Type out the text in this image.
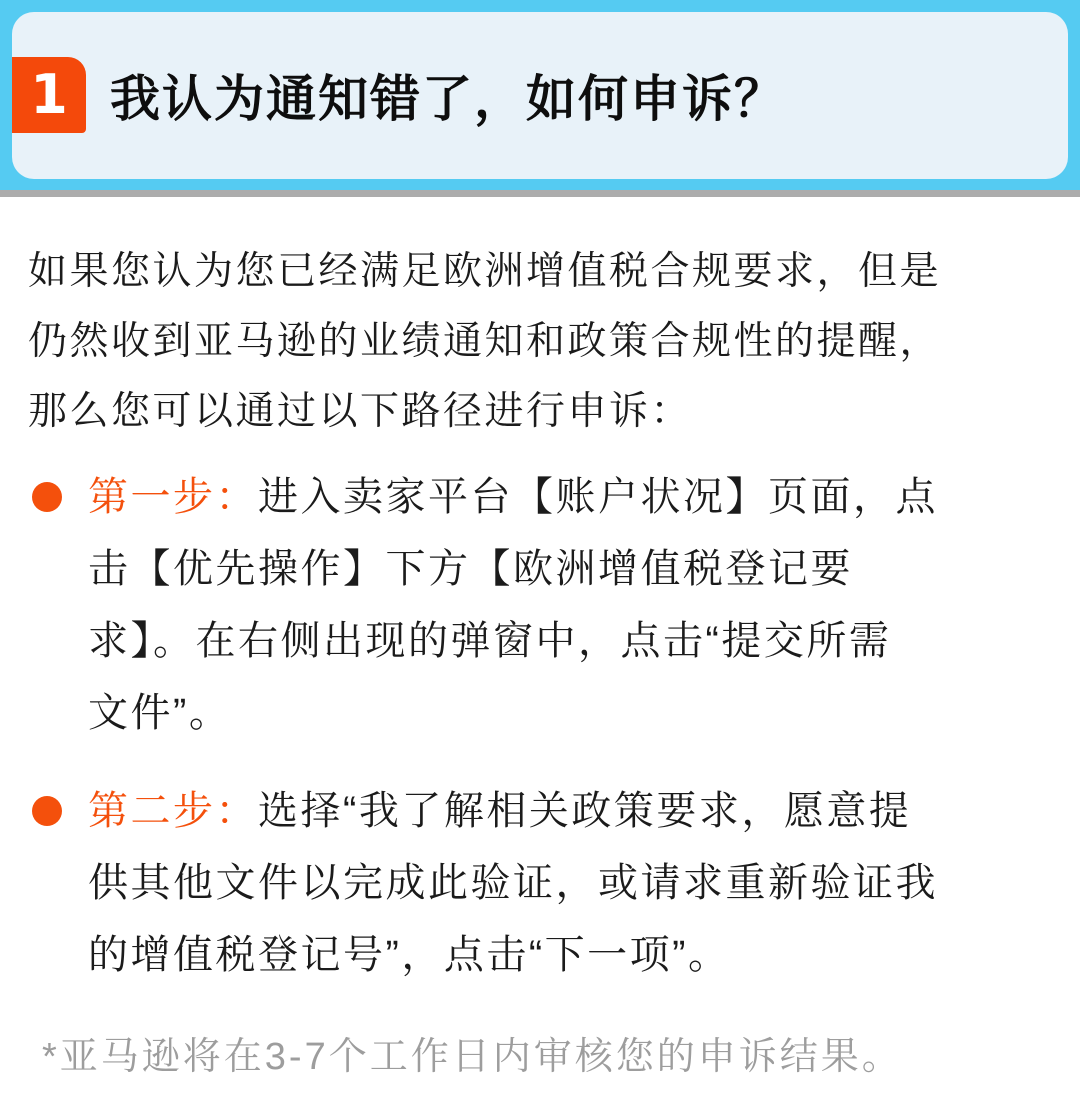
1 我认为通知错了，如何申诉？
如果您认为您已经满足欧洲增值税合规要求，但是
仍然收到亚马逊的业绩通知和政策合规性的提醒，
那么您可以通过以下路径进行申诉：
第一步：进入卖家平台【账户状况】页面，点
击【优先操作】下方【欧洲增值税登记要
求】。在右侧出现的弹窗中，点击“提交所需
文件”。
第二步：选择“我了解相关政策要求，愿意提
供其他文件以完成此验证，或请求重新验证我
的增值税登记号”，点击“下一项”。
*亚马逊将在3-7个工作日内审核您的申诉结果。
